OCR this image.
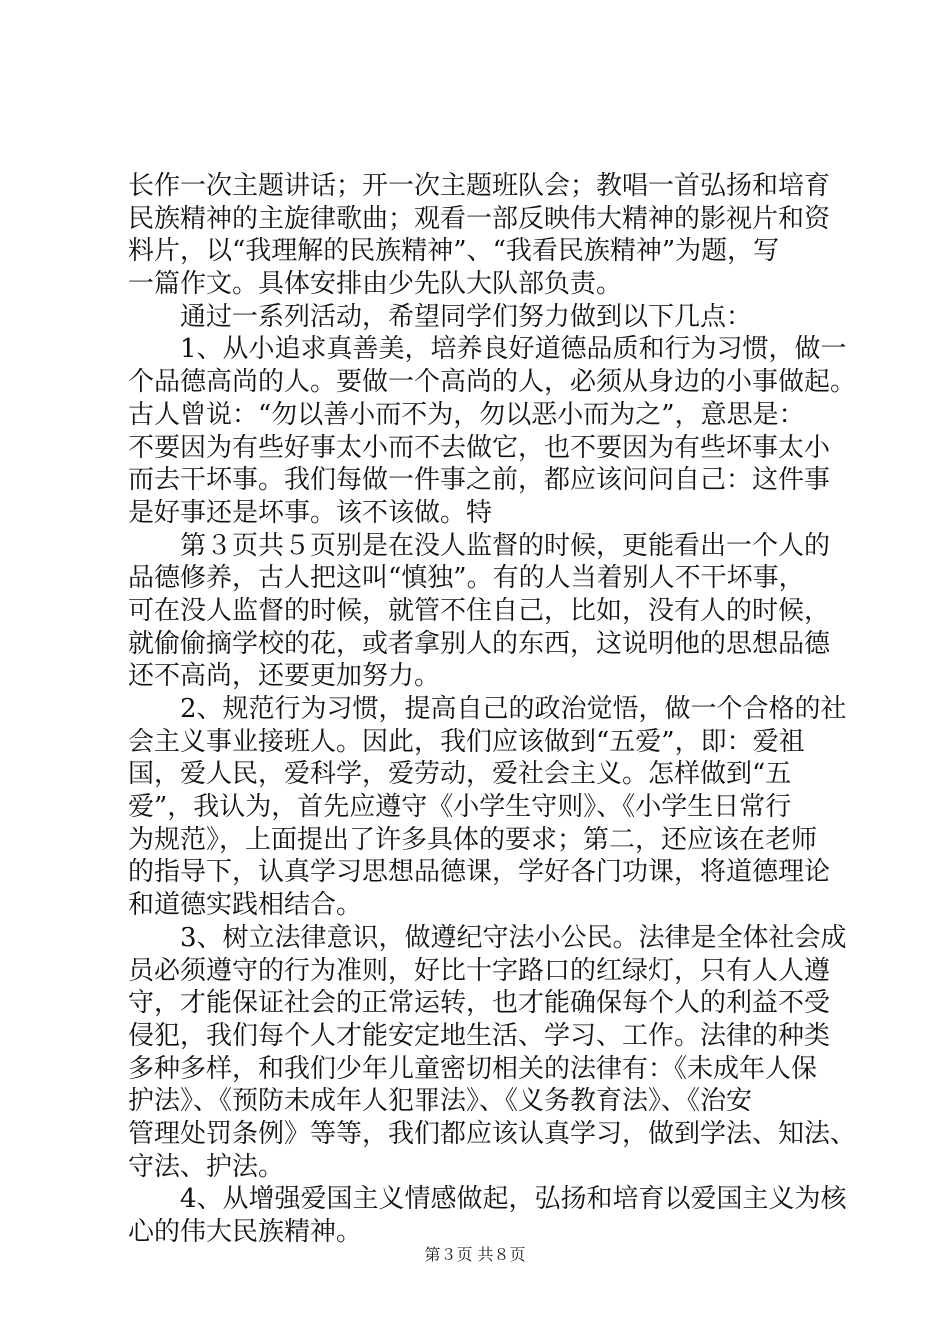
长作一次主题讲话；开一次主题班队会；教唱一首弘扬和培育
民族精神的主旋律歌曲；观看一部反映伟大精神的影视片和资
料片，以“我理解的民族精神”、“我看民族精神”为题，写
一篇作文。具体安排由少先队大队部负责。
通过一系列活动，希望同学们努力做到以下几点：
1、从小追求真善美，培养良好道德品质和行为习惯，做一
个品德高尚的人。要做一个高尚的人，必须从身边的小事做起。
古人曾说：“勿以善小而不为，勿以恶小而为之”，意思是：
不要因为有些好事太小而不去做它，也不要因为有些坏事太小
而去干坏事。我们每做一件事之前，都应该问问自己：这件事
是好事还是坏事。该不该做。特
第３页共５页别是在没人监督的时候，更能看出一个人的
品德修养，古人把这叫“慎独”。有的人当着别人不干坏事，
可在没人监督的时候，就管不住自己，比如，没有人的时候，
就偷偷摘学校的花，或者拿别人的东西，这说明他的思想品德
还不高尚，还要更加努力。
2、规范行为习惯，提高自己的政治觉悟，做一个合格的社
会主义事业接班人。因此，我们应该做到“五爱”，即：爱祖
国，爱人民，爱科学，爱劳动，爱社会主义。怎样做到“五
爱”，我认为，首先应遵守《小学生守则》、《小学生日常行
为规范》，上面提出了许多具体的要求；第二，还应该在老师
的指导下，认真学习思想品德课，学好各门功课，将道德理论
和道德实践相结合。
3、树立法律意识，做遵纪守法小公民。法律是全体社会成
员必须遵守的行为准则，好比十字路口的红绿灯，只有人人遵
守，才能保证社会的正常运转，也才能确保每个人的利益不受
侵犯，我们每个人才能安定地生活、学习、工作。法律的种类
多种多样，和我们少年儿童密切相关的法律有：《未成年人保
护法》、《预防未成年人犯罪法》、《义务教育法》、《治安
管理处罚条例》等等，我们都应该认真学习，做到学法、知法、
守法、护法。
4、从增强爱国主义情感做起，弘扬和培育以爱国主义为核
心的伟大民族精神。
第３页 共８页
